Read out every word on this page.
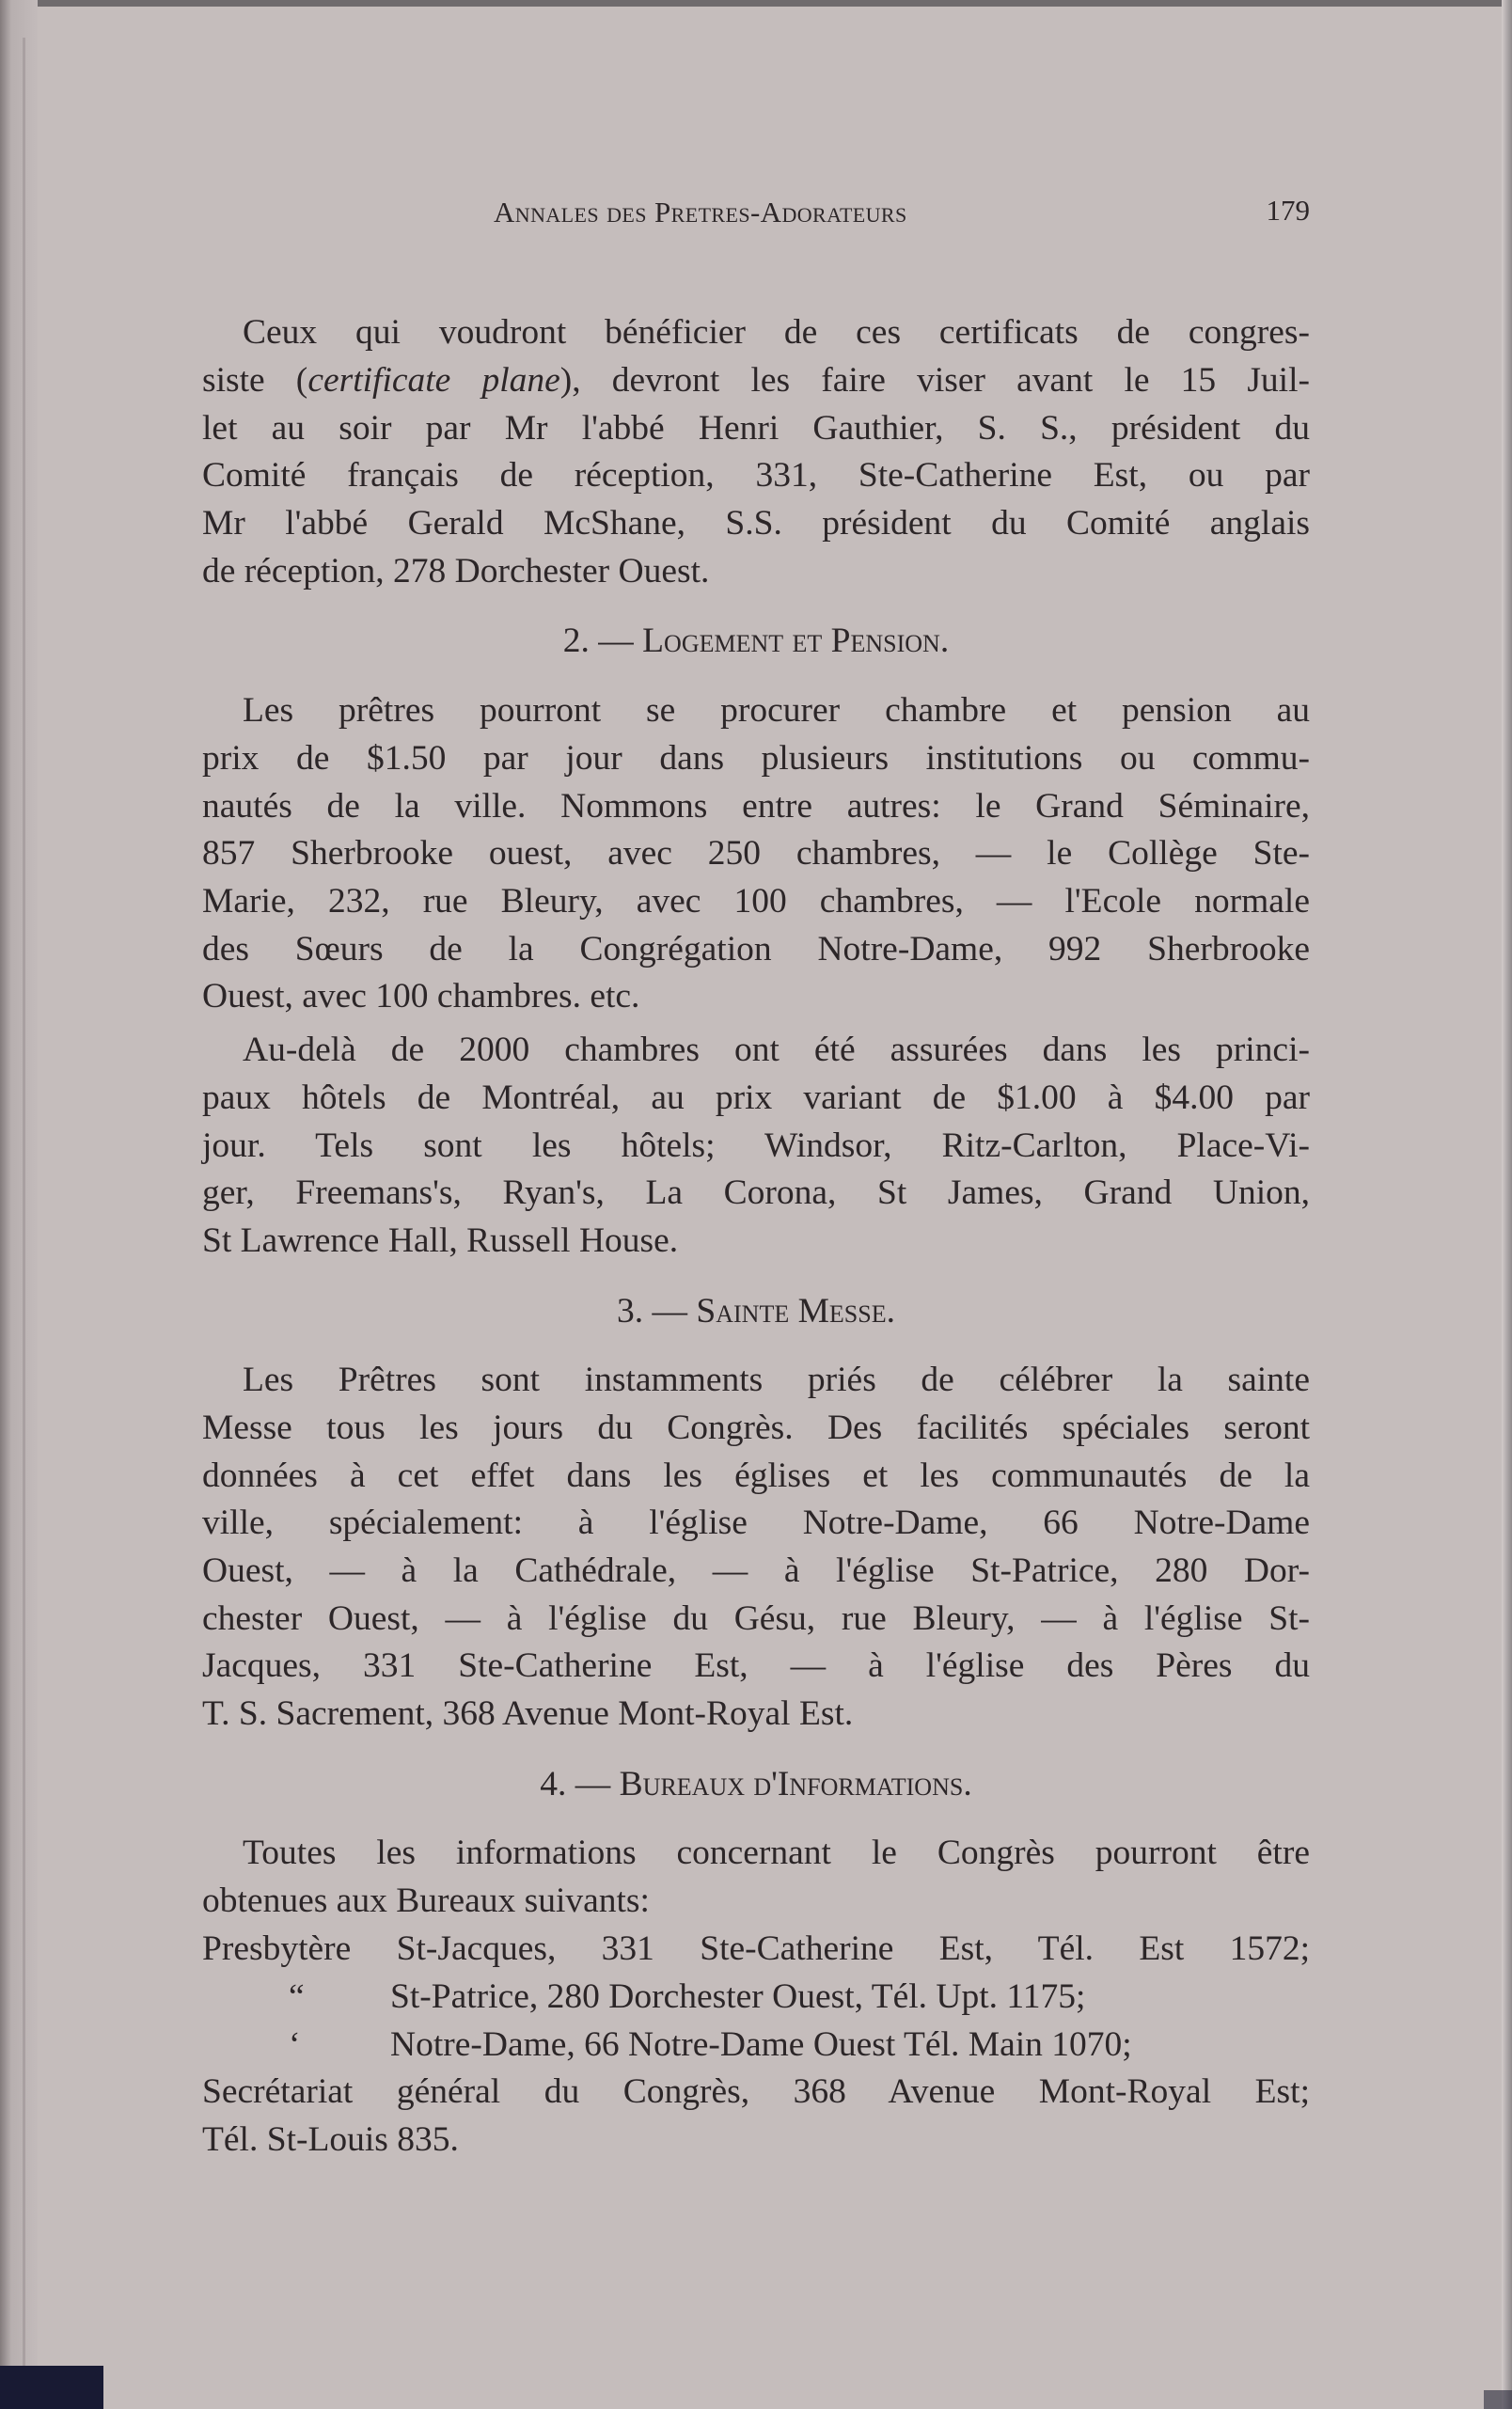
Annales des Pretres-Adorateurs	179
Ceux qui voudront bénéficier de ces certificats de congres-
siste (certificate plane), devront les faire viser avant le 15 Juil-
let au soir par Mr l'abbé Henri Gauthier, S. S., président du
Comité français de réception, 331, Ste-Catherine Est, ou par
Mr l'abbé Gerald McShane, S.S. président du Comité anglais
de réception, 278 Dorchester Ouest.
2. — Logement et Pension.
Les prêtres pourront se procurer chambre et pension au
prix de $1.50 par jour dans plusieurs institutions ou commu-
nautés de la ville. Nommons entre autres: le Grand Séminaire,
857 Sherbrooke ouest, avec 250 chambres, — le Collège Ste-
Marie, 232, rue Bleury, avec 100 chambres, — l'Ecole normale
des Sœurs de la Congrégation Notre-Dame, 992 Sherbrooke
Ouest, avec 100 chambres. etc.
Au-delà de 2000 chambres ont été assurées dans les princi-
paux hôtels de Montréal, au prix variant de $1.00 à $4.00 par
jour. Tels sont les hôtels; Windsor, Ritz-Carlton, Place-Vi-
ger, Freemans's, Ryan's, La Corona, St James, Grand Union,
St Lawrence Hall, Russell House.
3. — Sainte Messe.
Les Prêtres sont instamments priés de célébrer la sainte
Messe tous les jours du Congrès. Des facilités spéciales seront
données à cet effet dans les églises et les communautés de la
ville, spécialement: à l'église Notre-Dame, 66 Notre-Dame
Ouest, — à la Cathédrale, — à l'église St-Patrice, 280 Dor-
chester Ouest, — à l'église du Gésu, rue Bleury, — à l'église St-
Jacques, 331 Ste-Catherine Est, — à l'église des Pères du
T. S. Sacrement, 368 Avenue Mont-Royal Est.
4. — Bureaux d'Informations.
Toutes les informations concernant le Congrès pourront être
obtenues aux Bureaux suivants:
Presbytère St-Jacques, 331 Ste-Catherine Est, Tél. Est 1572;
“ St-Patrice, 280 Dorchester Ouest, Tél. Upt. 1175;
‘	Notre-Dame, 66 Notre-Dame Ouest Tél. Main 1070;
Secrétariat général du Congrès, 368 Avenue Mont-Royal Est;
Tél. St-Louis 835.
